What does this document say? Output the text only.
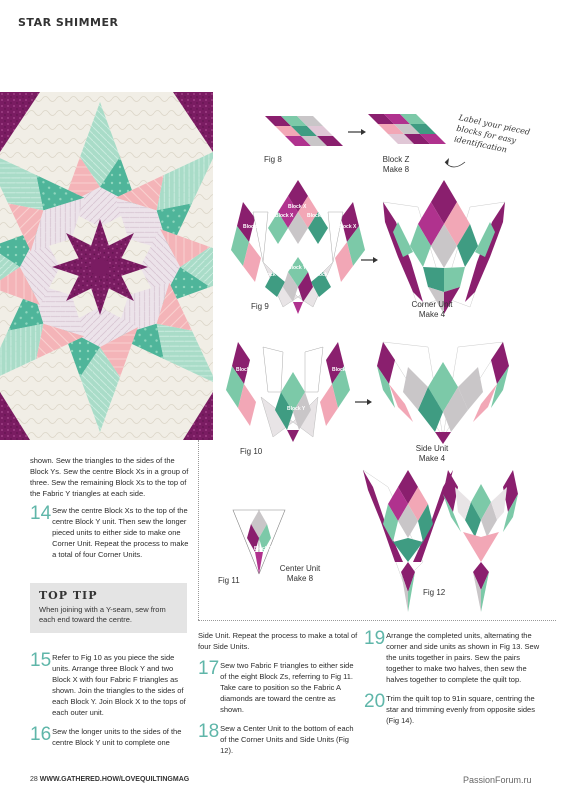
STAR SHIMMER
Block X
Block X	Block X
Block X	Block X
Block Y
Block Y
Block Y
Block X	Block X
Block Y
Block Z
Fig 8	Block Z
Make 8
Label your pieced blocks for easy identification
Fig 9	Corner Unit
Make 4
Fig 10	Side Unit
Make 4
Fig 11
Center Unit
Make 8
Fig 12

shown. Sew the triangles to the sides of the Block Ys. Sew the centre Block Xs in a group of three. Sew the remaining Block Xs to the top of the Fabric Y triangles at each side.

14 Sew the centre Block Xs to the top of the centre Block Y unit. Then sew the longer pieced units to either side to make one Corner Unit. Repeat the process to make a total of four Corner Units.
TOP TIP
When joining with a Y-seam, sew from each end toward the centre.
15 Refer to Fig 10 as you piece the side units. Arrange three Block Y and two Block X with four Fabric F triangles as shown. Join the triangles to the sides of each Block Y. Join Block X to the tops of each outer unit.
16 Sew the longer units to the sides of the centre Block Y unit to complete one

Side Unit. Repeat the process to make a total of four Side Units.

17 Sew two Fabric F triangles to either side of the eight Block Zs, referring to Fig 11. Take care to position so the Fabric A diamonds are toward the centre as shown.
18 Sew a Center Unit to the bottom of each of the Corner Units and Side Units (Fig 12).
19 Arrange the completed units, alternating the corner and side units as shown in Fig 13. Sew the units together in pairs. Sew the pairs together to make two halves, then sew the halves together to complete the quilt top.
20 Trim the quilt top to 91in square, centring the star and trimming evenly from opposite sides (Fig 14).
28 WWW.GATHERED.HOW/LOVEQUILTINGMAG	PassionForum.ru
